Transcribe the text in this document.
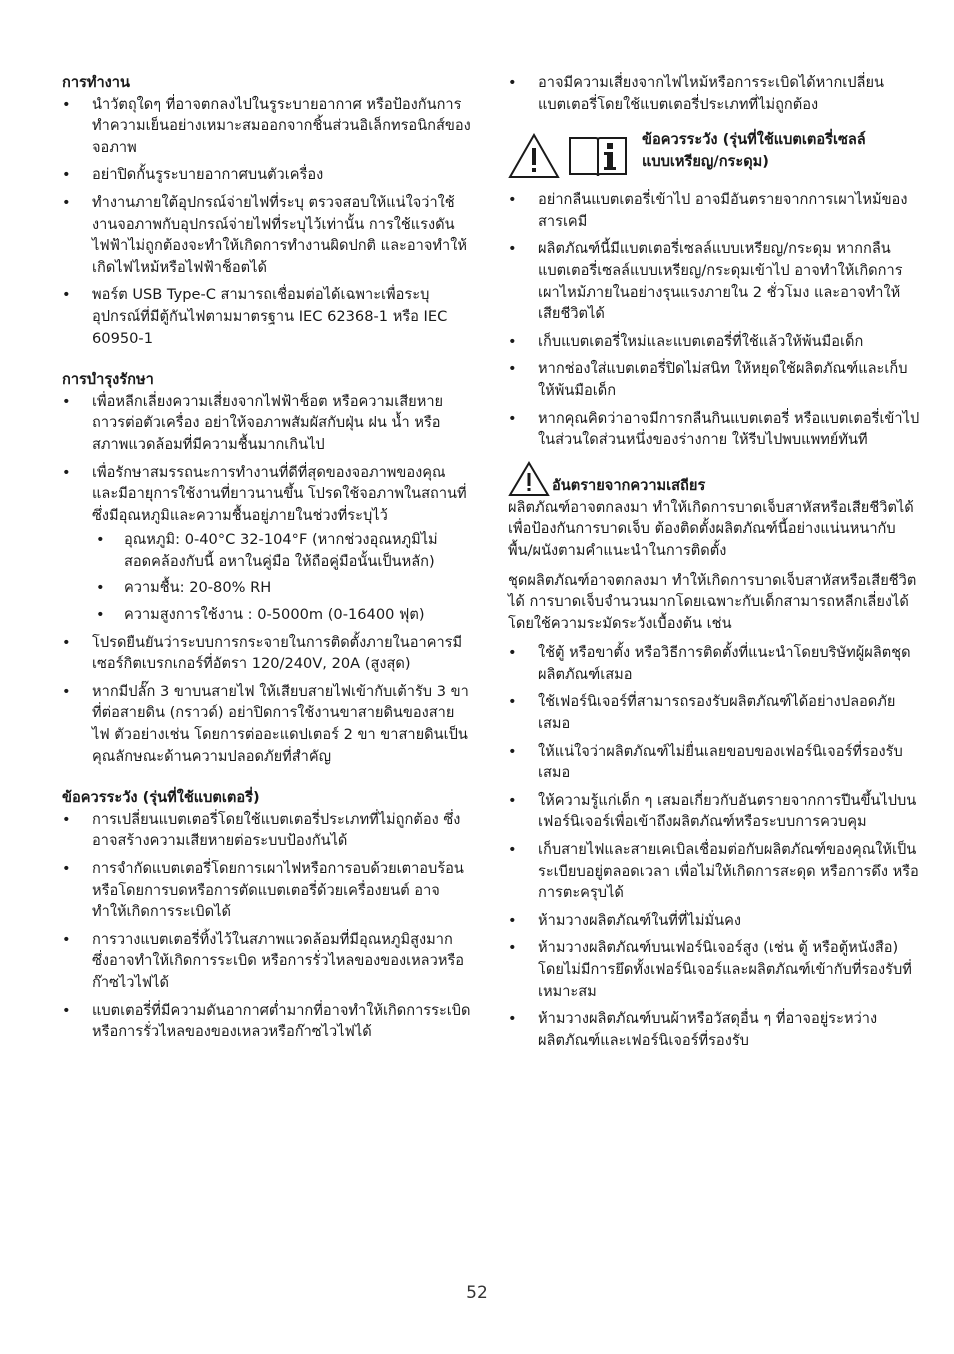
การทำงาน

• นำวัตถุใดๆ ที่อาจตกลงไปในรูระบายอากาศ หรือป้องกันการทำความเย็นอย่างเหมาะสมออกจากชิ้นส่วนอิเล็กทรอนิกส์ของจอภาพ
• อย่าปิดกั้นรูระบายอากาศบนตัวเครื่อง
• ทำงานภายใต้อุปกรณ์จ่ายไฟที่ระบุ ตรวจสอบให้แน่ใจว่าใช้งานจอภาพกับอุปกรณ์จ่ายไฟที่ระบุไว้เท่านั้น การใช้แรงดันไฟฟ้าไม่ถูกต้องจะทำให้เกิดการทำงานผิดปกติ และอาจทำให้เกิดไฟไหม้หรือไฟฟ้าช็อตได้
• พอร์ต USB Type-C สามารถเชื่อมต่อได้เฉพาะเพื่อระบุอุปกรณ์ที่มีตู้กันไฟตามมาตรฐาน IEC 62368-1 หรือ IEC 60950-1

การบำรุงรักษา

• เพื่อหลีกเลี่ยงความเสี่ยงจากไฟฟ้าช็อต หรือความเสียหายถาวรต่อตัวเครื่อง อย่าให้จอภาพสัมผัสกับฝุ่น ฝน น้ำ หรือสภาพแวดล้อมที่มีความชื้นมากเกินไป
• เพื่อรักษาสมรรถนะการทำงานที่ดีที่สุดของจอภาพของคุณ และมีอายุการใช้งานที่ยาวนานขึ้น โปรดใช้จอภาพในสถานที่ซึ่งมีอุณหภูมิและความชื้นอยู่ภายในช่วงที่ระบุไว้
• อุณหภูมิ: 0-40°C 32-104°F (หากช่วงอุณหภูมิไม่สอดคล้องกับนี้ อหาในคู่มือ ให้ถือคู่มือนั้นเป็นหลัก)
• ความชื้น: 20-80% RH
• ความสูงการใช้งาน : 0-5000m (0-16400 ฟุต)
• โปรดยืนยันว่าระบบการกระจายในการติดตั้งภายในอาคารมี เซอร์กิตเบรกเกอร์ที่อัตรา 120/240V, 20A (สูงสุด)
• หากมีปลั๊ก 3 ขาบนสายไฟ ให้เสียบสายไฟเข้ากับเต้ารับ 3 ขาที่ต่อสายดิน (กราวด์) อย่าปิดการใช้งานขาสายดินของสายไฟ ตัวอย่างเช่น โดยการต่ออะแดปเตอร์ 2 ขา ขาสายดินเป็นคุณลักษณะด้านความปลอดภัยที่สำคัญ

ข้อควรระวัง (รุ่นที่ใช้แบตเตอรี่)

• การเปลี่ยนแบตเตอรี่โดยใช้แบตเตอรี่ประเภทที่ไม่ถูกต้อง ซึ่งอาจสร้างความเสียหายต่อระบบป้องกันได้
• การจำกัดแบตเตอรี่โดยการเผาไฟหรือการอบด้วยเตาอบร้อน หรือโดยการบดหรือการตัดแบตเตอรี่ด้วยเครื่องยนต์ อาจทำให้เกิดการระเบิดได้
• การวางแบตเตอรี่ทิ้งไว้ในสภาพแวดล้อมที่มีอุณหภูมิสูงมาก ซึ่งอาจทำให้เกิดการระเบิด หรือการรั่วไหลของของเหลวหรือก๊าซไวไฟได้
• แบตเตอรี่ที่มีความดันอากาศต่ำมากที่อาจทำให้เกิดการระเบิด หรือการรั่วไหลของของเหลวหรือก๊าซไวไฟได้
• อาจมีความเสี่ยงจากไฟไหม้หรือการระเบิดได้หากเปลี่ยนแบตเตอรี่โดยใช้แบตเตอรี่ประเภทที่ไม่ถูกต้อง
ข้อควรระวัง (รุ่นที่ใช้แบตเตอรี่เซลล์แบบเหรียญ/กระดุม)
• อย่ากลืนแบตเตอรี่เข้าไป อาจมีอันตรายจากการเผาไหม้ของสารเคมี
• ผลิตภัณฑ์นี้มีแบตเตอรี่เซลล์แบบเหรียญ/กระดุม หากกลืนแบตเตอรี่เซลล์แบบเหรียญ/กระดุมเข้าไป อาจทำให้เกิดการเผาไหม้ภายในอย่างรุนแรงภายใน 2 ชั่วโมง และอาจทำให้เสียชีวิตได้
• เก็บแบตเตอรี่ใหม่และแบตเตอรี่ที่ใช้แล้วให้พ้นมือเด็ก
• หากช่องใส่แบตเตอรี่ปิดไม่สนิท ให้หยุดใช้ผลิตภัณฑ์และเก็บให้พ้นมือเด็ก
• หากคุณคิดว่าอาจมีการกลืนกินแบตเตอรี่ หรือแบตเตอรี่เข้าไปในส่วนใดส่วนหนึ่งของร่างกาย ให้รีบไปพบแพทย์ทันที

อันตรายจากความเสถียร

ผลิตภัณฑ์อาจตกลงมา ทำให้เกิดการบาดเจ็บสาหัสหรือเสียชีวิตได้ เพื่อป้องกันการบาดเจ็บ ต้องติดตั้งผลิตภัณฑ์นี้อย่างแน่นหนากับพื้น/ผนังตามคำแนะนำในการติดตั้ง

ชุดผลิตภัณฑ์อาจตกลงมา ทำให้เกิดการบาดเจ็บสาหัสหรือเสียชีวิตได้ การบาดเจ็บจำนวนมากโดยเฉพาะกับเด็กสามารถหลีกเลี่ยงได้โดยใช้ความระมัดระวังเบื้องต้น เช่น

• ใช้ตู้ หรือขาตั้ง หรือวิธีการติดตั้งที่แนะนำโดยบริษัทผู้ผลิตชุดผลิตภัณฑ์เสมอ
• ใช้เฟอร์นิเจอร์ที่สามารถรองรับผลิตภัณฑ์ได้อย่างปลอดภัยเสมอ
• ให้แน่ใจว่าผลิตภัณฑ์ไม่ยื่นเลยขอบของเฟอร์นิเจอร์ที่รองรับเสมอ
• ให้ความรู้แก่เด็ก ๆ เสมอเกี่ยวกับอันตรายจากการปีนขึ้นไปบนเฟอร์นิเจอร์เพื่อเข้าถึงผลิตภัณฑ์หรือระบบการควบคุม
• เก็บสายไฟและสายเคเบิลเชื่อมต่อกับผลิตภัณฑ์ของคุณให้เป็นระเบียบอยู่ตลอดเวลา เพื่อไม่ให้เกิดการสะดุด หรือการดึง หรือการตะครุบได้
• ห้ามวางผลิตภัณฑ์ในที่ที่ไม่มั่นคง
• ห้ามวางผลิตภัณฑ์บนเฟอร์นิเจอร์สูง (เช่น ตู้ หรือตู้หนังสือ) โดยไม่มีการยึดทั้งเฟอร์นิเจอร์และผลิตภัณฑ์เข้ากับที่รองรับที่เหมาะสม
• ห้ามวางผลิตภัณฑ์บนผ้าหรือวัสดุอื่น ๆ ที่อาจอยู่ระหว่างผลิตภัณฑ์และเฟอร์นิเจอร์ที่รองรับ
52
